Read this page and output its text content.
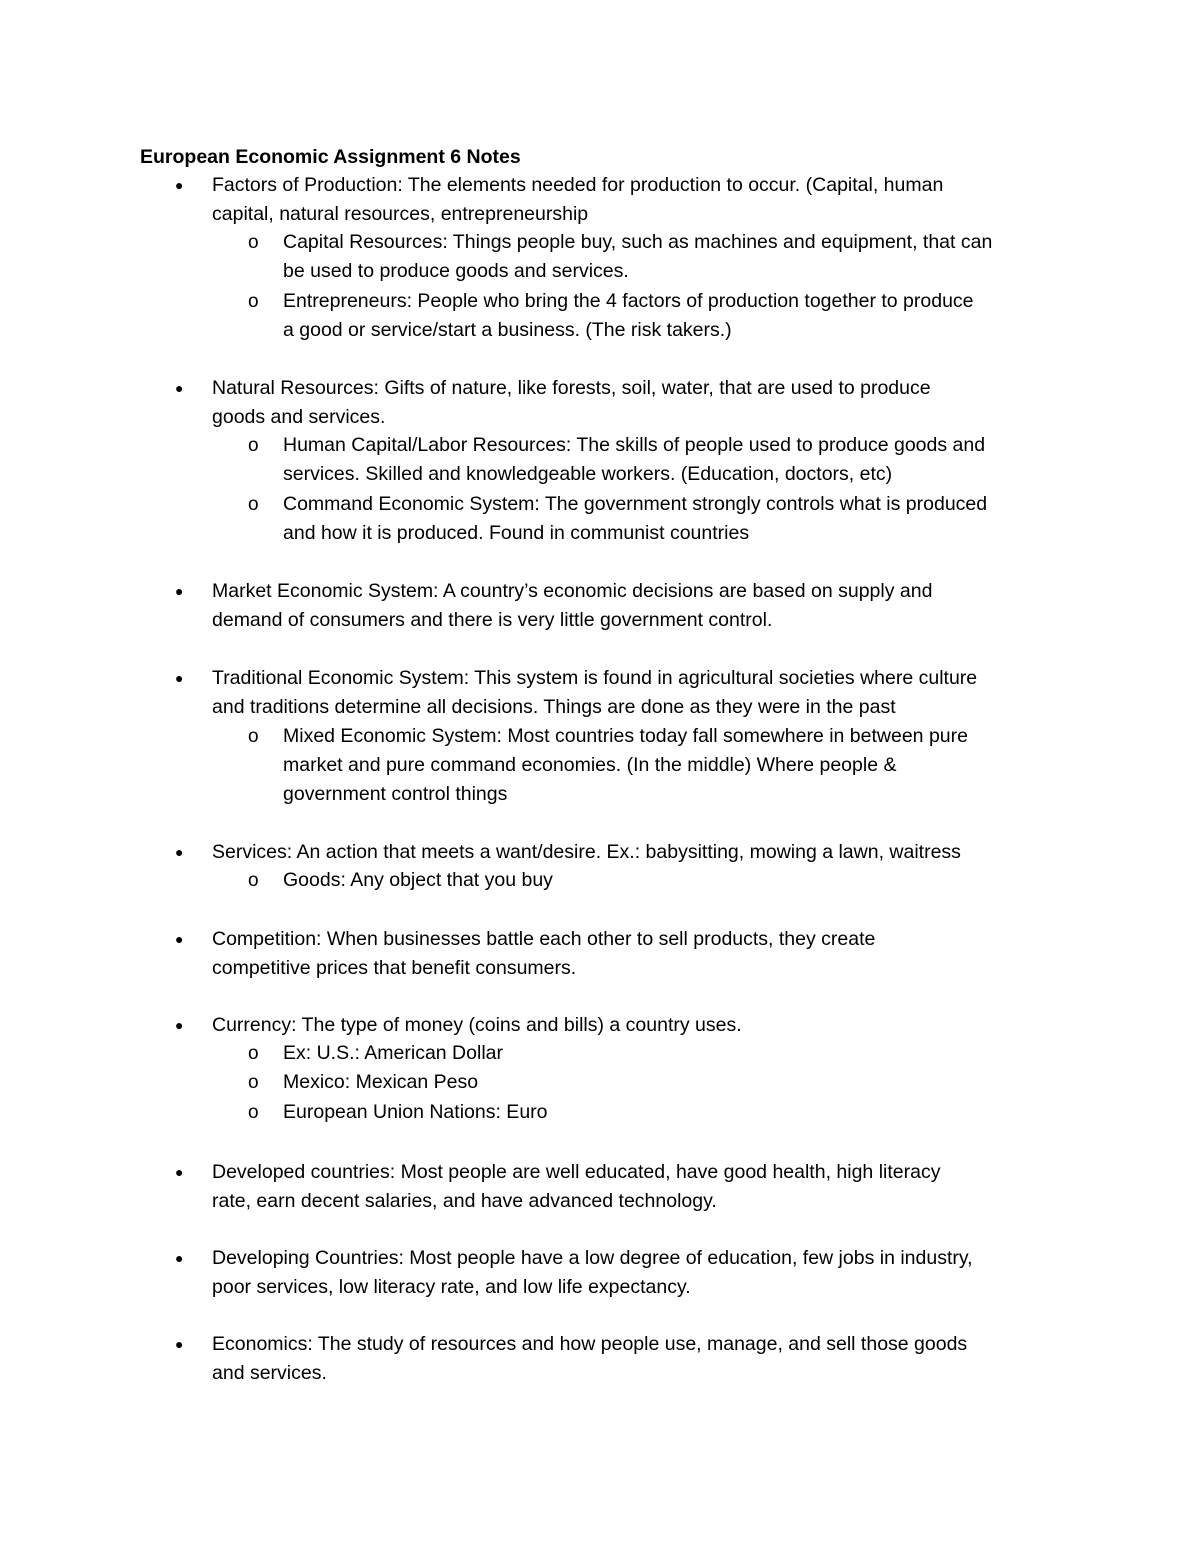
European Economic Assignment 6 Notes
● Factors of Production: The elements needed for production to occur. (Capital, human
capital, natural resources, entrepreneurship
o Capital Resources: Things people buy, such as machines and equipment, that can
be used to produce goods and services.
o Entrepreneurs: People who bring the 4 factors of production together to produce
a good or service/start a business. (The risk takers.)
● Natural Resources: Gifts of nature, like forests, soil, water, that are used to produce
goods and services.
o Human Capital/Labor Resources: The skills of people used to produce goods and
services. Skilled and knowledgeable workers. (Education, doctors, etc)
o Command Economic System: The government strongly controls what is produced
and how it is produced. Found in communist countries
● Market Economic System: A country’s economic decisions are based on supply and
demand of consumers and there is very little government control.
● Traditional Economic System: This system is found in agricultural societies where culture
and traditions determine all decisions. Things are done as they were in the past
o Mixed Economic System: Most countries today fall somewhere in between pure
market and pure command economies. (In the middle) Where people &
government control things
● Services: An action that meets a want/desire. Ex.: babysitting, mowing a lawn, waitress
o Goods: Any object that you buy
● Competition: When businesses battle each other to sell products, they create
competitive prices that benefit consumers.
● Currency: The type of money (coins and bills) a country uses.
o Ex: U.S.: American Dollar
o Mexico: Mexican Peso
o European Union Nations: Euro
● Developed countries: Most people are well educated, have good health, high literacy
rate, earn decent salaries, and have advanced technology.
● Developing Countries: Most people have a low degree of education, few jobs in industry,
poor services, low literacy rate, and low life expectancy.
● Economics: The study of resources and how people use, manage, and sell those goods
and services.
